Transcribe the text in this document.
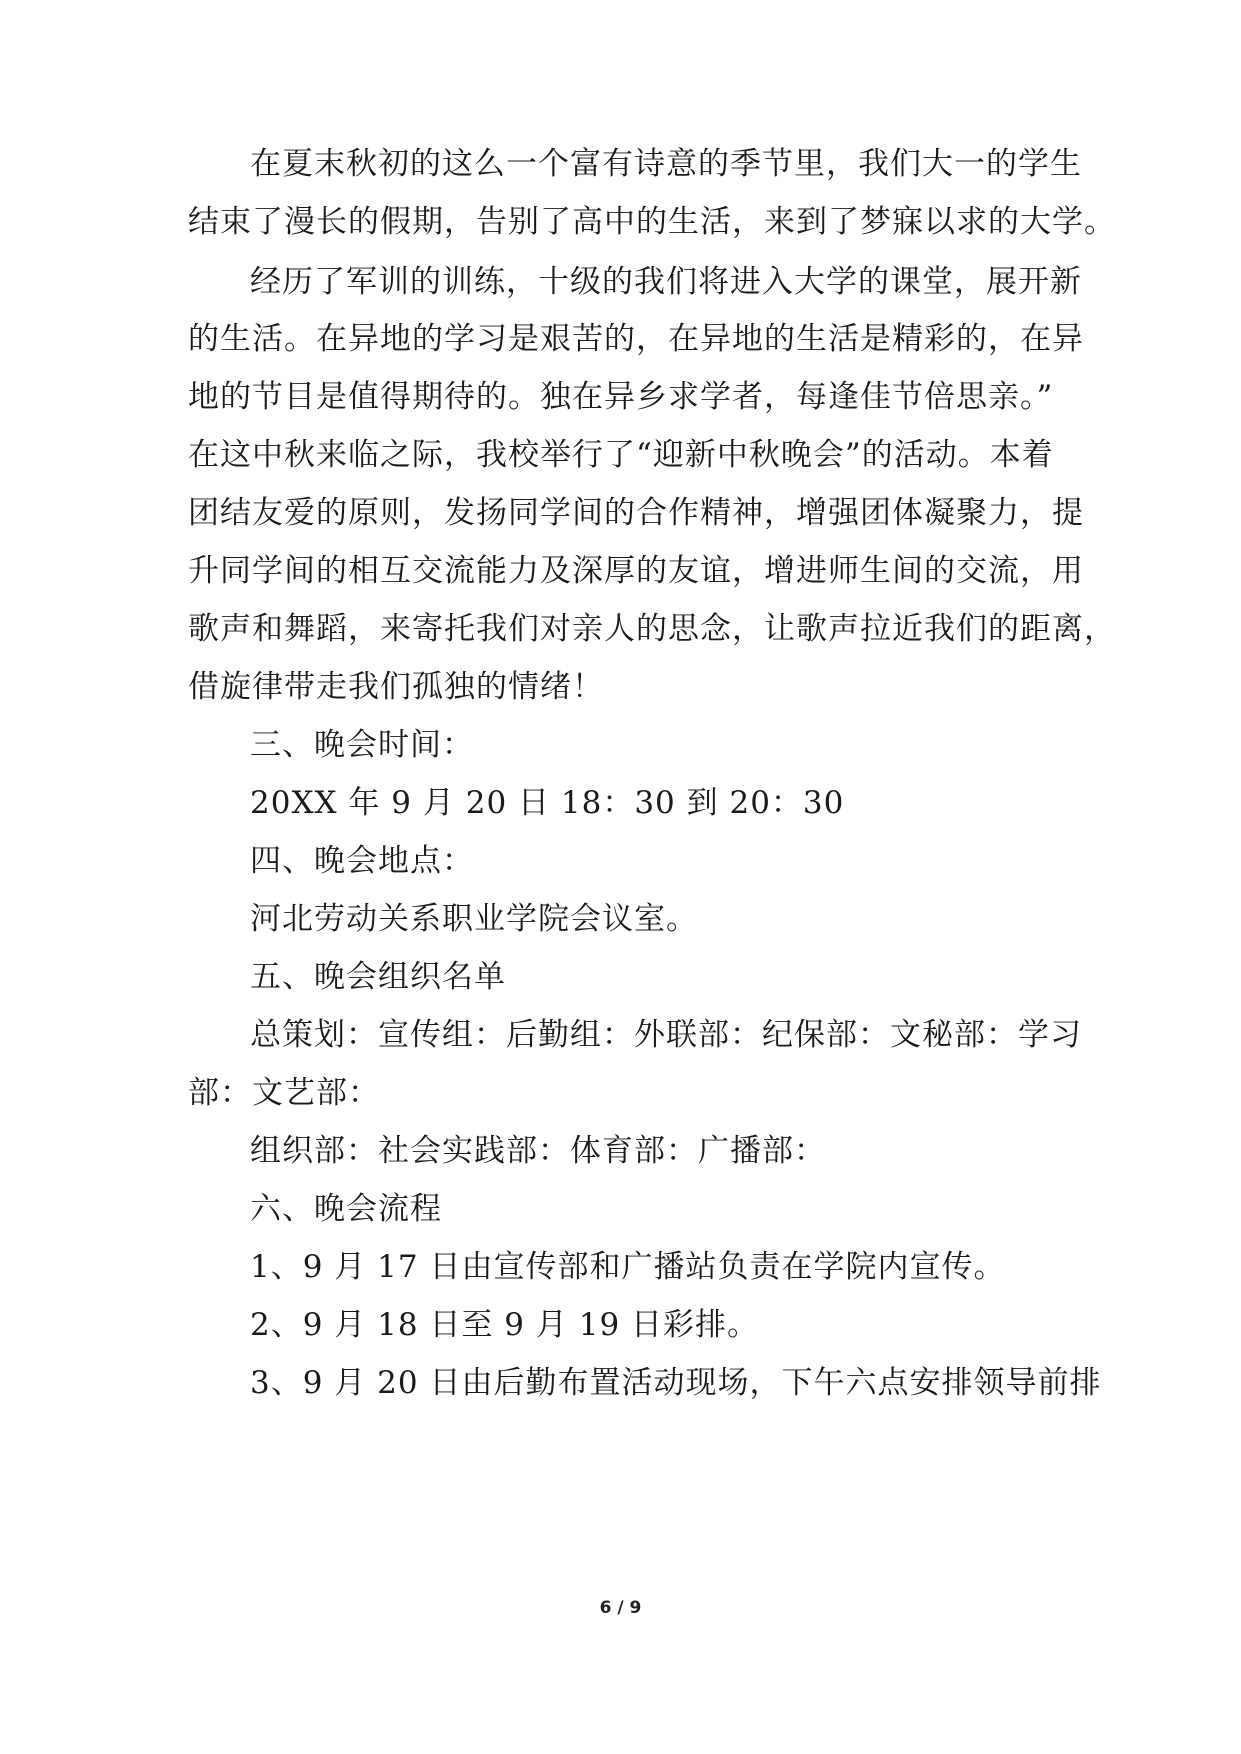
在夏末秋初的这么一个富有诗意的季节里，我们大一的学生
结束了漫长的假期，告别了高中的生活，来到了梦寐以求的大学。
经历了军训的训练，十级的我们将进入大学的课堂，展开新
的生活。在异地的学习是艰苦的，在异地的生活是精彩的，在异
地的节目是值得期待的。独在异乡求学者，每逢佳节倍思亲。”
在这中秋来临之际，我校举行了“迎新中秋晚会”的活动。本着
团结友爱的原则，发扬同学间的合作精神，增强团体凝聚力，提
升同学间的相互交流能力及深厚的友谊，增进师生间的交流，用
歌声和舞蹈，来寄托我们对亲人的思念，让歌声拉近我们的距离，
借旋律带走我们孤独的情绪！
三、晚会时间：
20XX 年 9 月 20 日 18：30 到 20：30
四、晚会地点：
河北劳动关系职业学院会议室。
五、晚会组织名单
总策划：宣传组：后勤组：外联部：纪保部：文秘部：学习
部：文艺部：
组织部：社会实践部：体育部：广播部：
六、晚会流程
1、9 月 17 日由宣传部和广播站负责在学院内宣传。
2、9 月 18 日至 9 月 19 日彩排。
3、9 月 20 日由后勤布置活动现场，下午六点安排领导前排
6 / 9
